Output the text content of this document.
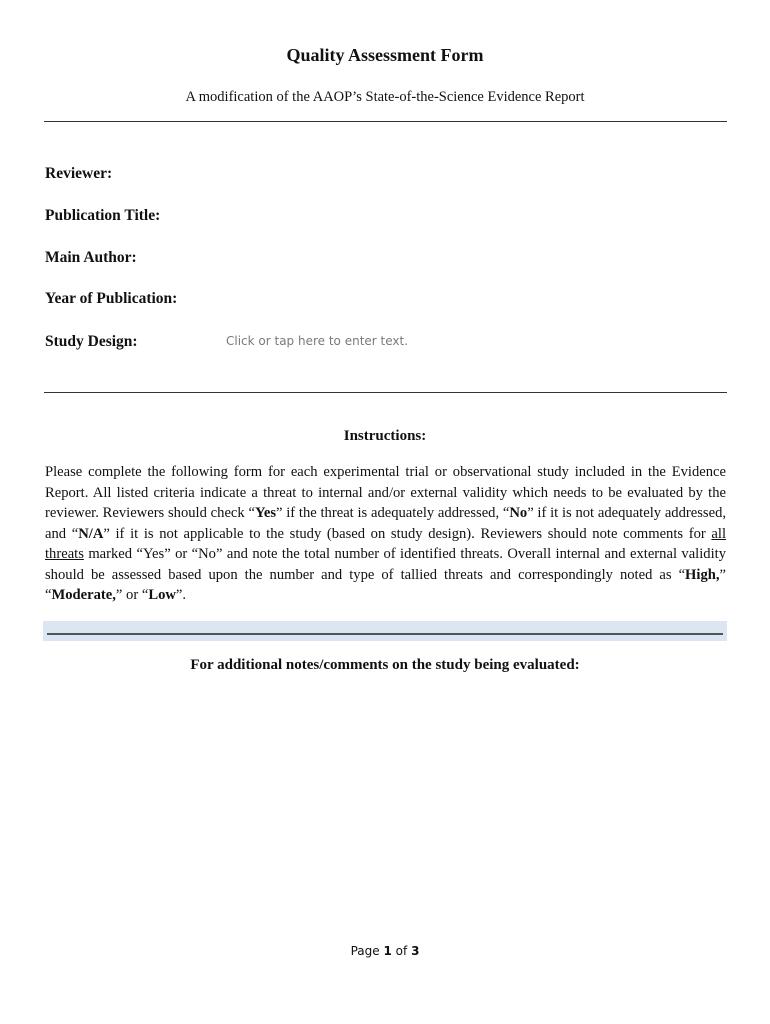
Quality Assessment Form
A modification of the AAOP’s State-of-the-Science Evidence Report
Reviewer:
Publication Title:
Main Author:
Year of Publication:
Study Design:	Click or tap here to enter text.
Instructions:
Please complete the following form for each experimental trial or observational study included in the Evidence Report. All listed criteria indicate a threat to internal and/or external validity which needs to be evaluated by the reviewer. Reviewers should check “Yes” if the threat is adequately addressed, “No” if it is not adequately addressed, and “N/A” if it is not applicable to the study (based on study design). Reviewers should note comments for all threats marked “Yes” or “No” and note the total number of identified threats. Overall internal and external validity should be assessed based upon the number and type of tallied threats and correspondingly noted as “High,” “Moderate,” or “Low”.
For additional notes/comments on the study being evaluated:
Page 1 of 3
